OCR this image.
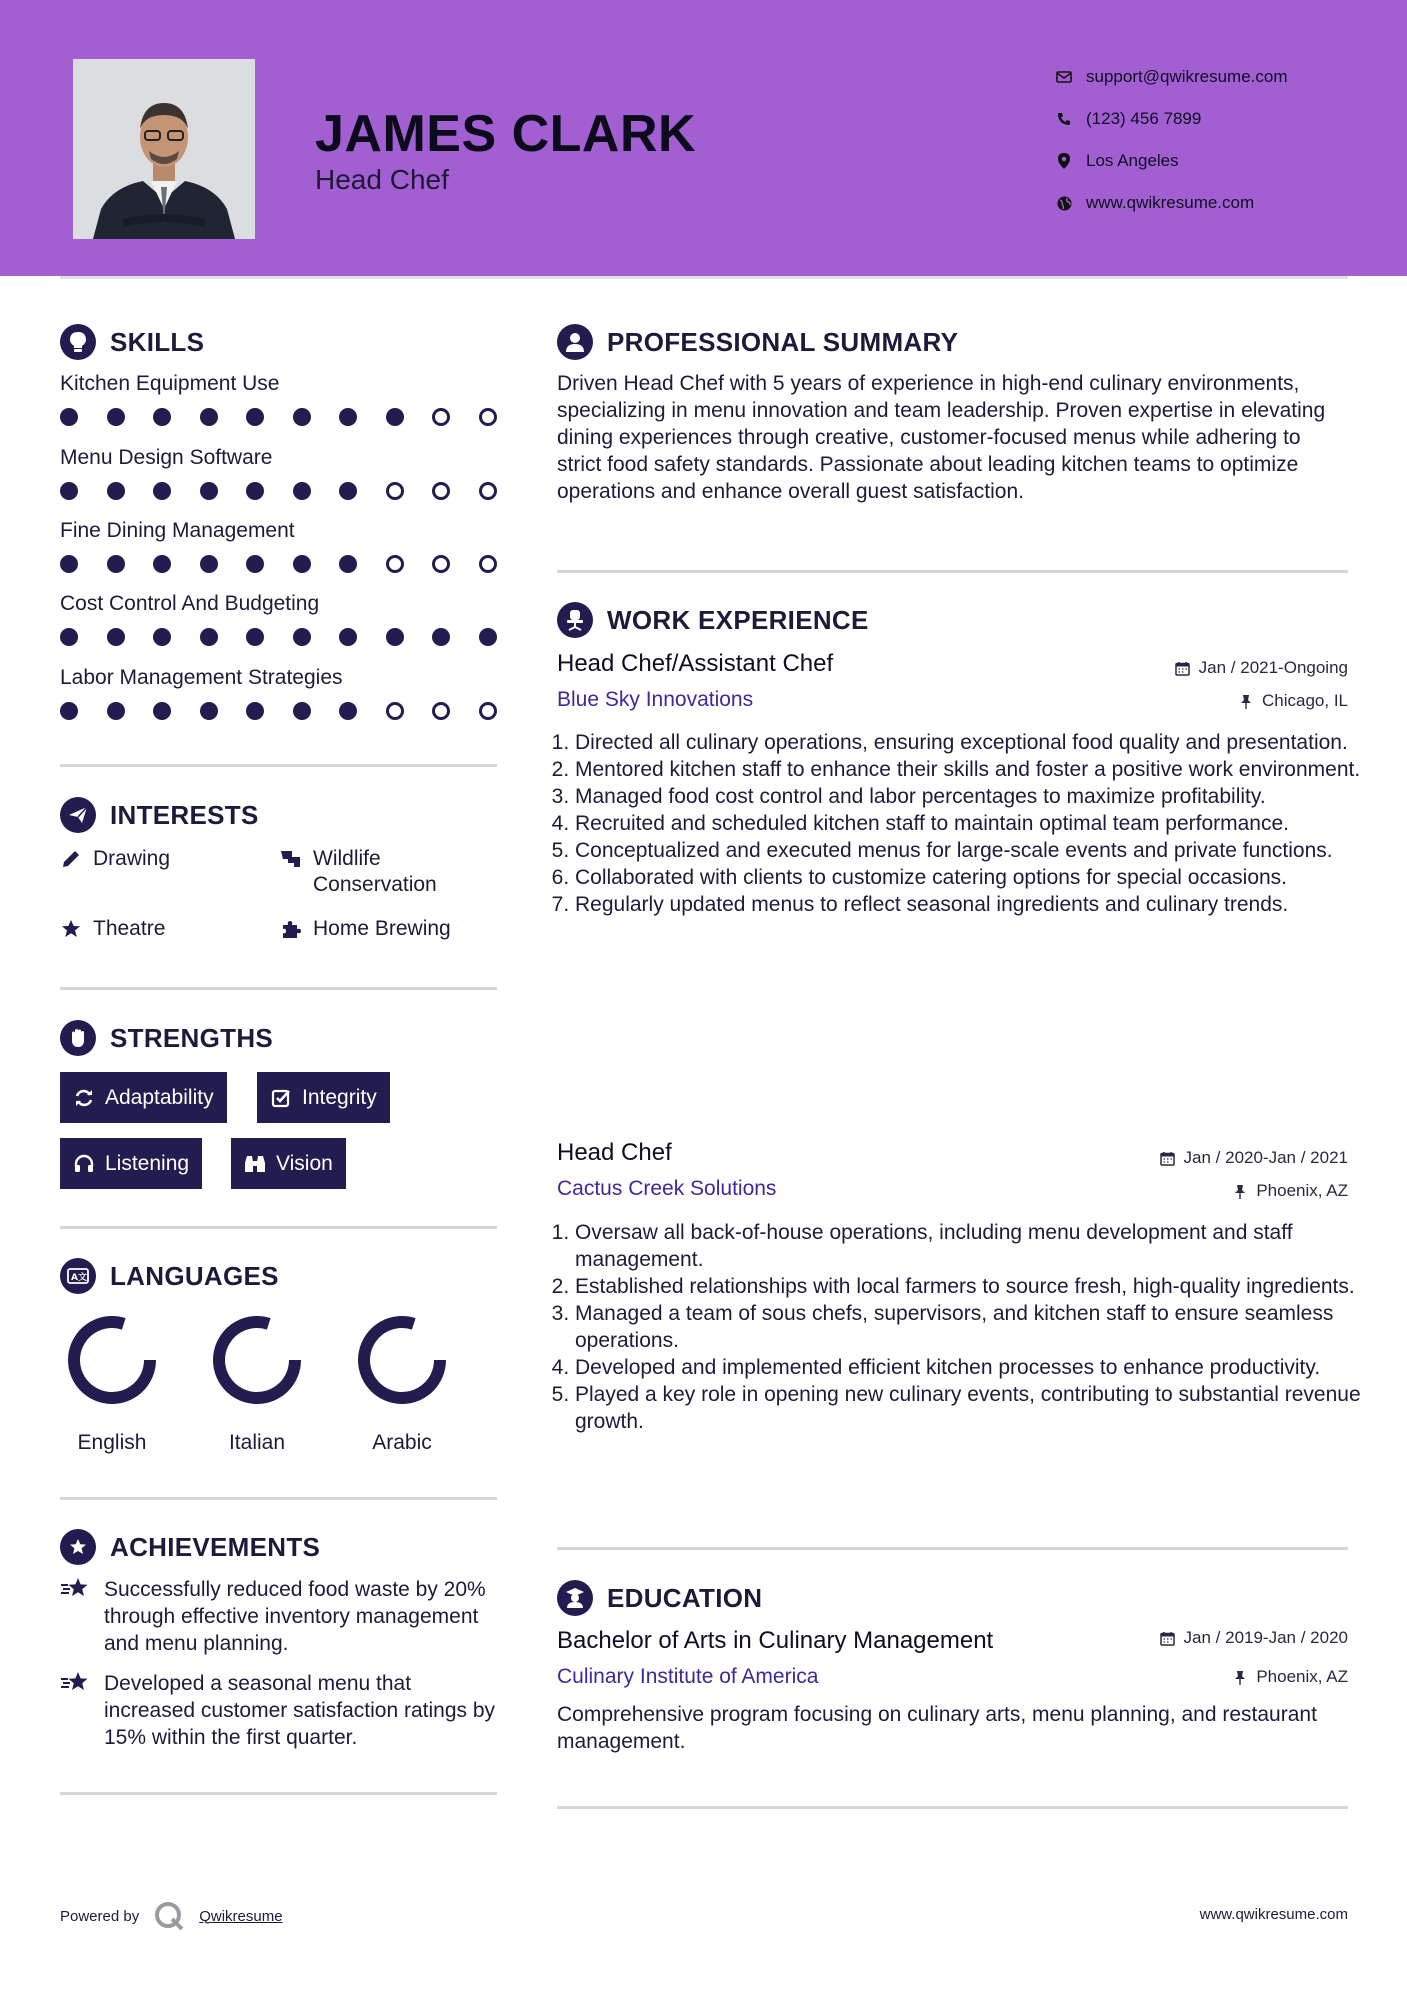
JAMES CLARK
Head Chef
support@qwikresume.com
(123) 456 7899
Los Angeles
www.qwikresume.com
SKILLS
Kitchen Equipment Use
Menu Design Software
Fine Dining Management
Cost Control And Budgeting
Labor Management Strategies
INTERESTS
Drawing	Wildlife Conservation
Theatre	Home Brewing
STRENGTHS
Adaptability	Integrity
Listening	Vision
A文 LANGUAGES
English	Italian	Arabic
ACHIEVEMENTS
Successfully reduced food waste by 20% through effective inventory management and menu planning.
Developed a seasonal menu that increased customer satisfaction ratings by 15% within the first quarter.
PROFESSIONAL SUMMARY
Driven Head Chef with 5 years of experience in high-end culinary environments, specializing in menu innovation and team leadership. Proven expertise in elevating dining experiences through creative, customer-focused menus while adhering to strict food safety standards. Passionate about leading kitchen teams to optimize operations and enhance overall guest satisfaction.
WORK EXPERIENCE
Head Chef/Assistant Chef	Jan / 2021-Ongoing
Blue Sky Innovations	Chicago, IL
1. Directed all culinary operations, ensuring exceptional food quality and presentation.
2. Mentored kitchen staff to enhance their skills and foster a positive work environment.
3. Managed food cost control and labor percentages to maximize profitability.
4. Recruited and scheduled kitchen staff to maintain optimal team performance.
5. Conceptualized and executed menus for large-scale events and private functions.
6. Collaborated with clients to customize catering options for special occasions.
7. Regularly updated menus to reflect seasonal ingredients and culinary trends.
Head Chef	Jan / 2020-Jan / 2021
Cactus Creek Solutions	Phoenix, AZ
1. Oversaw all back-of-house operations, including menu development and staff management.
2. Established relationships with local farmers to source fresh, high-quality ingredients.
3. Managed a team of sous chefs, supervisors, and kitchen staff to ensure seamless operations.
4. Developed and implemented efficient kitchen processes to enhance productivity.
5. Played a key role in opening new culinary events, contributing to substantial revenue growth.
EDUCATION
Bachelor of Arts in Culinary Management	Jan / 2019-Jan / 2020
Culinary Institute of America	Phoenix, AZ
Comprehensive program focusing on culinary arts, menu planning, and restaurant management.
Powered by	Qwikresume	www.qwikresume.com
